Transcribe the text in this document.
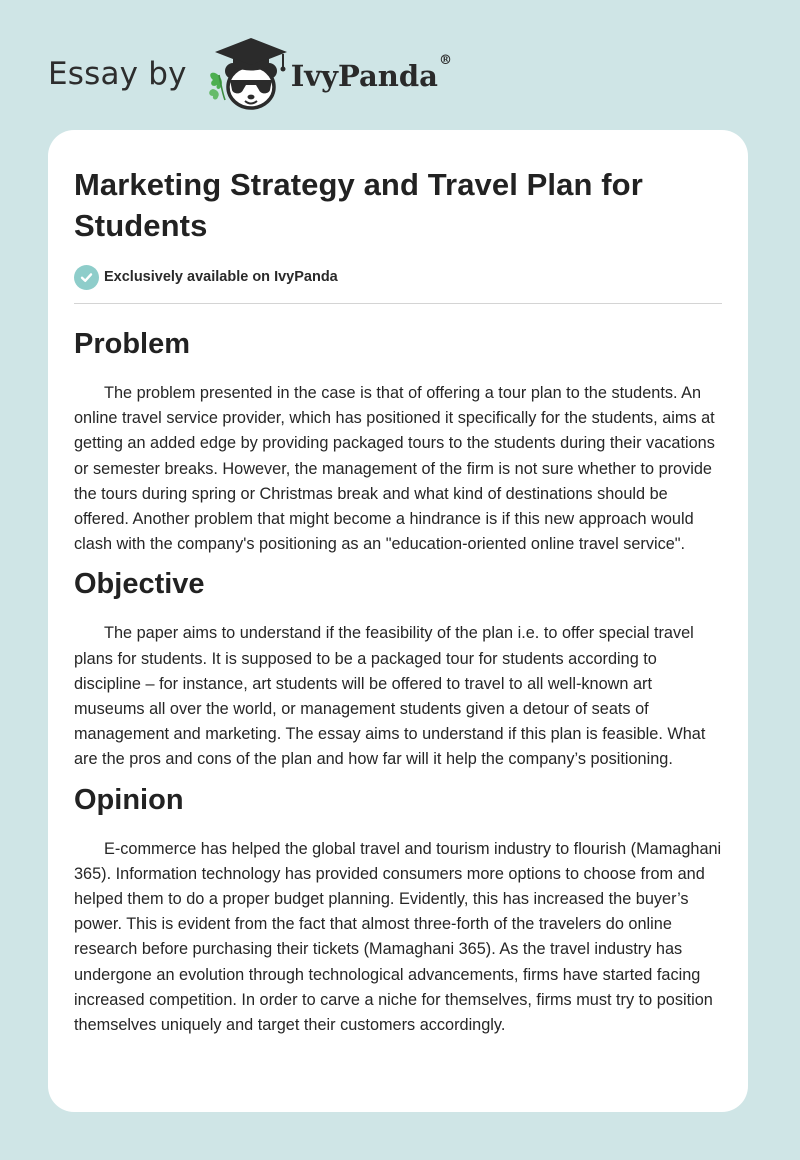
Essay by	IvyPanda®
Marketing Strategy and Travel Plan for Students
Exclusively available on IvyPanda
Problem

The problem presented in the case is that of offering a tour plan to the students. An online travel service provider, which has positioned it specifically for the students, aims at getting an added edge by providing packaged tours to the students during their vacations or semester breaks. However, the management of the firm is not sure whether to provide the tours during spring or Christmas break and what kind of destinations should be offered. Another problem that might become a hindrance is if this new approach would clash with the company's positioning as an "education-oriented online travel service".

Objective

The paper aims to understand if the feasibility of the plan i.e. to offer special travel plans for students. It is supposed to be a packaged tour for students according to discipline – for instance, art students will be offered to travel to all well-known art museums all over the world, or management students given a detour of seats of management and marketing. The essay aims to understand if this plan is feasible. What are the pros and cons of the plan and how far will it help the company’s positioning.

Opinion

E-commerce has helped the global travel and tourism industry to flourish (Mamaghani 365). Information technology has provided consumers more options to choose from and helped them to do a proper budget planning. Evidently, this has increased the buyer’s power. This is evident from the fact that almost three-forth of the travelers do online research before purchasing their tickets (Mamaghani 365). As the travel industry has undergone an evolution through technological advancements, firms have started facing increased competition. In order to carve a niche for themselves, firms must try to position themselves uniquely and target their customers accordingly.
